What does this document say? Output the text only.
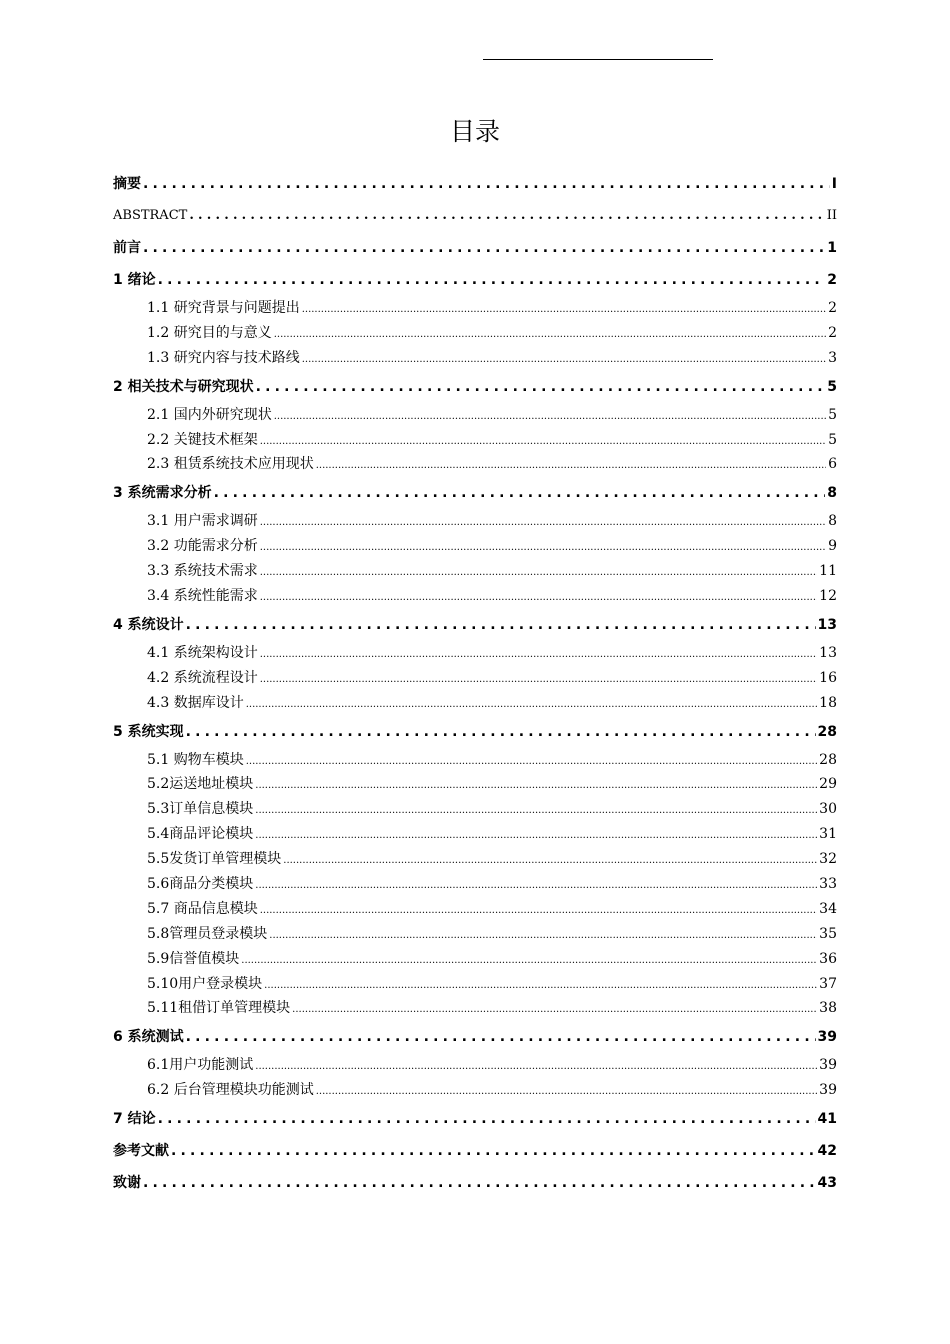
目录
摘要 .....	I
ABSTRACT .....	II
前言 .....	1
1 绪论 .....	2
1.1 研究背景与问题提出 .....	2
1.2 研究目的与意义 .....	2
1.3 研究内容与技术路线 .....	3
2 相关技术与研究现状 .....	5
2.1 国内外研究现状 .....	5
2.2 关键技术框架 .....	5
2.3 租赁系统技术应用现状 .....	6
3 系统需求分析 .....	8
3.1 用户需求调研 .....	8
3.2 功能需求分析 .....	9
3.3 系统技术需求 .....	11
3.4 系统性能需求 .....	12
4 系统设计 .....	13
4.1 系统架构设计 .....	13
4.2 系统流程设计 .....	16
4.3 数据库设计 .....	18
5 系统实现 .....	28
5.1 购物车模块 .....	28
5.2运送地址模块 .....	29
5.3订单信息模块 .....	30
5.4商品评论模块 .....	31
5.5发货订单管理模块 .....	32
5.6商品分类模块 .....	33
5.7 商品信息模块 .....	34
5.8管理员登录模块 .....	35
5.9信誉值模块 .....	36
5.10用户登录模块 .....	37
5.11租借订单管理模块 .....	38
6 系统测试 .....	39
6.1用户功能测试 .....	39
6.2 后台管理模块功能测试 .....	39
7 结论 .....	41
参考文献 .....	42
致谢 .....	43
